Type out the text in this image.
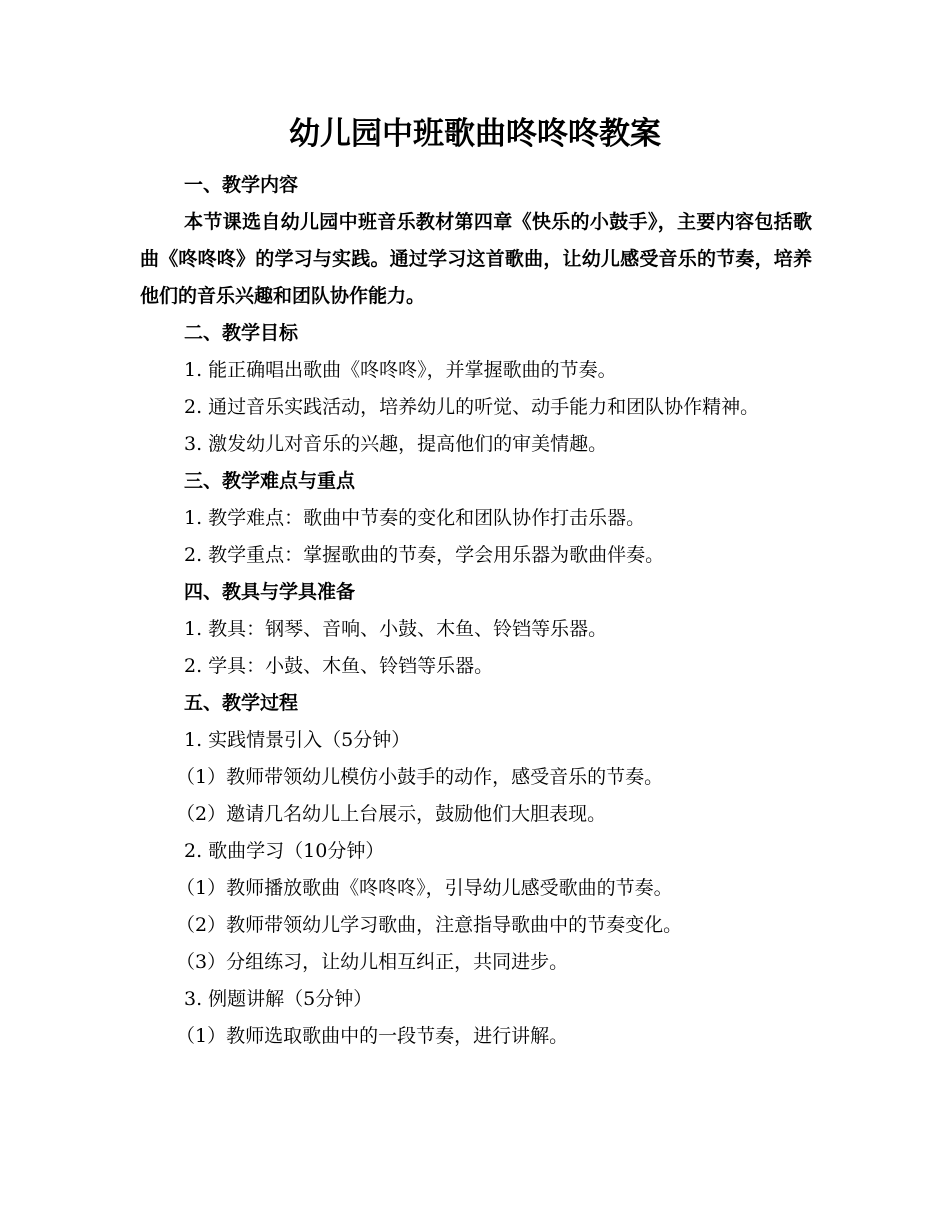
幼儿园中班歌曲咚咚咚教案

一、教学内容

本节课选自幼儿园中班音乐教材第四章《快乐的小鼓手》，主要内容包括歌曲《咚咚咚》的学习与实践。通过学习这首歌曲，让幼儿感受音乐的节奏，培养他们的音乐兴趣和团队协作能力。

二、教学目标

1. 能正确唱出歌曲《咚咚咚》，并掌握歌曲的节奏。

2. 通过音乐实践活动，培养幼儿的听觉、动手能力和团队协作精神。

3. 激发幼儿对音乐的兴趣，提高他们的审美情趣。

三、教学难点与重点

1. 教学难点：歌曲中节奏的变化和团队协作打击乐器。

2. 教学重点：掌握歌曲的节奏，学会用乐器为歌曲伴奏。

四、教具与学具准备

1. 教具：钢琴、音响、小鼓、木鱼、铃铛等乐器。

2. 学具：小鼓、木鱼、铃铛等乐器。

五、教学过程

1. 实践情景引入（5分钟）

（1）教师带领幼儿模仿小鼓手的动作，感受音乐的节奏。

（2）邀请几名幼儿上台展示，鼓励他们大胆表现。

2. 歌曲学习（10分钟）

（1）教师播放歌曲《咚咚咚》，引导幼儿感受歌曲的节奏。

（2）教师带领幼儿学习歌曲，注意指导歌曲中的节奏变化。

（3）分组练习，让幼儿相互纠正，共同进步。

3. 例题讲解（5分钟）

（1）教师选取歌曲中的一段节奏，进行讲解。
